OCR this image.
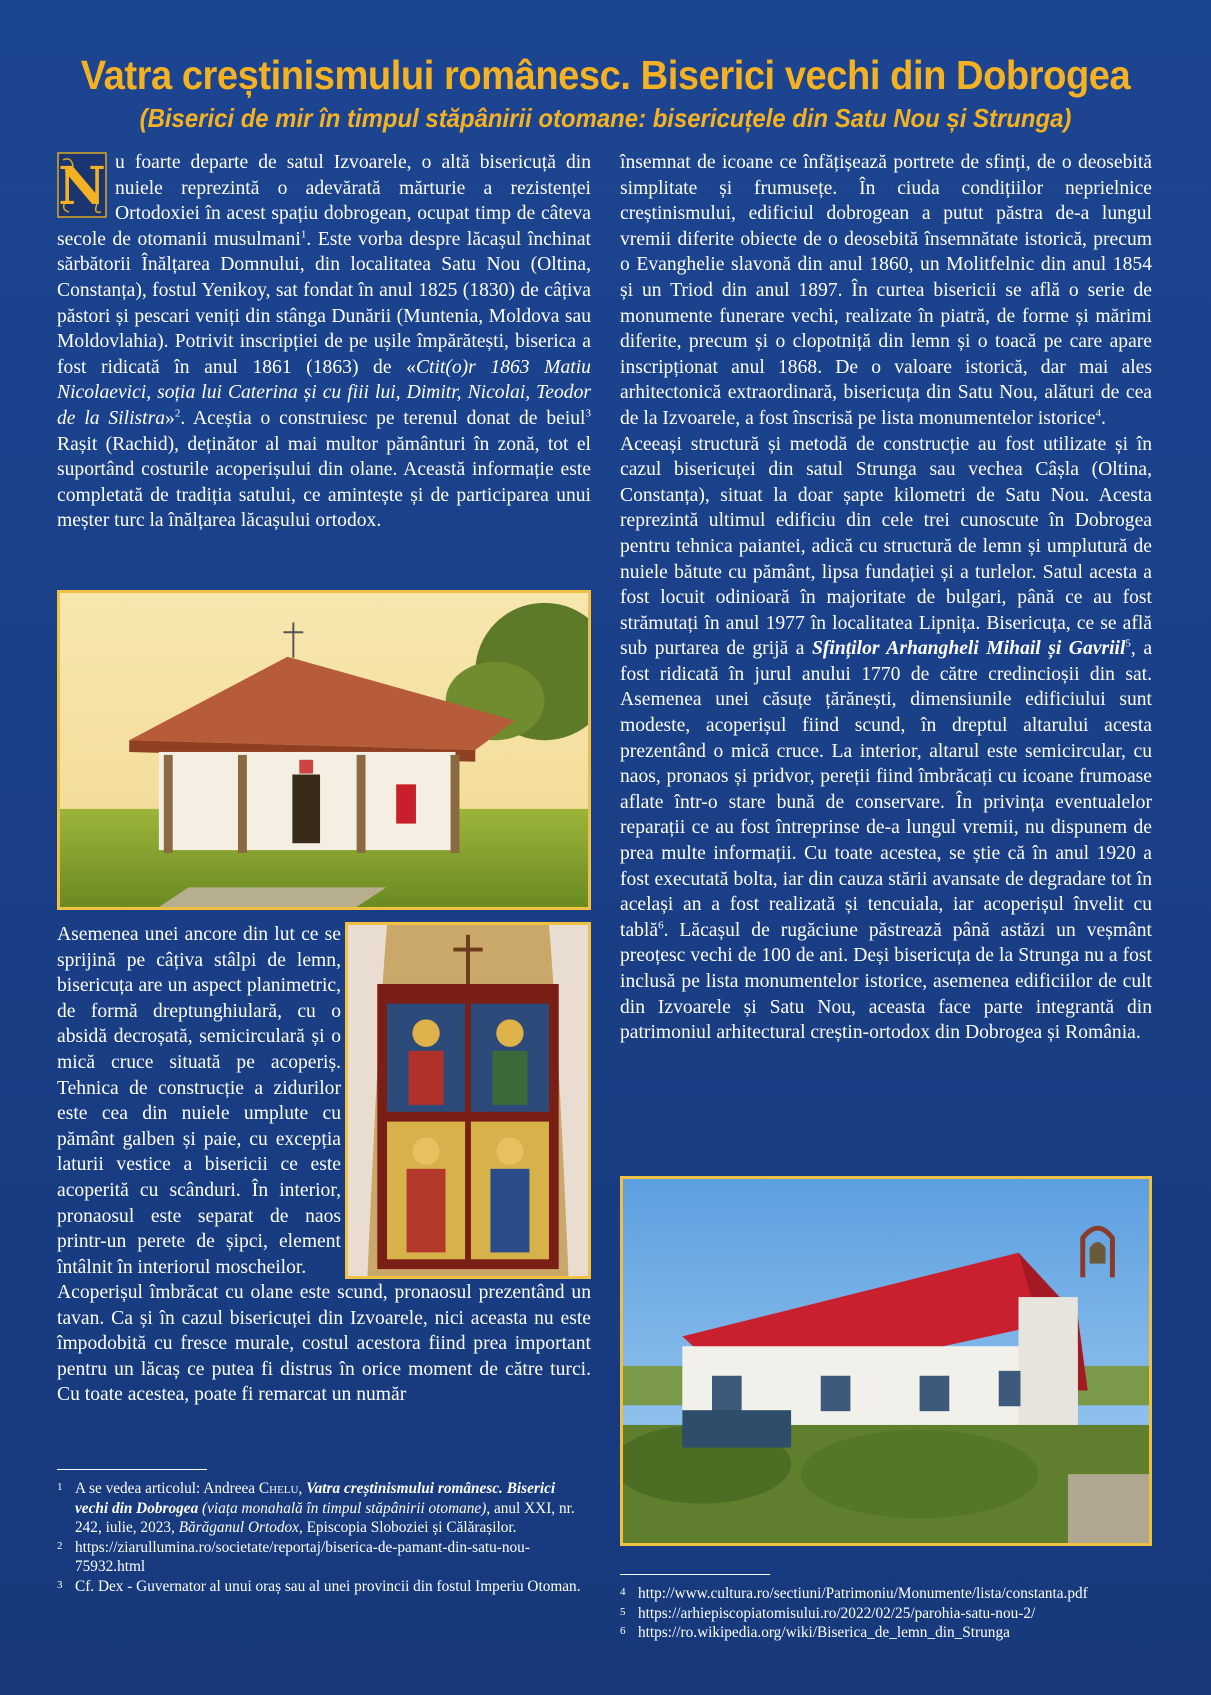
Vatra creștinismului românesc. Biserici vechi din Dobrogea
(Biserici de mir în timpul stăpânirii otomane: bisericuțele din Satu Nou și Strunga)

N u foarte departe de satul Izvoarele, o altă bisericuță din nuiele reprezintă o adevărată mărturie a rezistenței Ortodoxiei în acest spațiu dobrogean, ocupat timp de câteva secole de otomanii musulmani$^1$. Este vorba despre lăcașul închinat sărbătorii Înălțarea Domnului, din localitatea Satu Nou (Oltina, Constanța), fostul Yenikoy, sat fondat în anul 1825 (1830) de câțiva păstori și pescari veniți din stânga Dunării (Muntenia, Moldova sau Moldovlahia). Potrivit inscripției de pe ușile împărătești, biserica a fost ridicată în anul 1861 (1863) de «Ctit(o)r 1863 Matiu Nicolaevici, soția lui Caterina și cu fiii lui, Dimitr, Nicolai, Teodor de la Silistra»$^2$. Aceștia o construiesc pe terenul donat de beiul$^3$ Rașit (Rachid), deținător al mai multor pământuri în zonă, tot el suportând costurile acoperișului din olane. Această informație este completată de tradiția satului, ce amintește și de participarea unui meșter turc la înălțarea lăcașului ortodox.

Asemenea unei ancore din lut ce se sprijină pe câțiva stâlpi de lemn, bisericuța are un aspect planimetric, de formă dreptunghiulară, cu o absidă decroșată, semicirculară și o mică cruce situată pe acoperiș. Tehnica de construcție a zidurilor este cea din nuiele umplute cu pământ galben și paie, cu excepția laturii vestice a bisericii ce este acoperită cu scânduri. În interior, pronaosul este separat de naos printr-un perete de șipci, element întâlnit în interiorul moscheilor.

Acoperișul îmbrăcat cu olane este scund, pronaosul prezentând un tavan. Ca și în cazul bisericuței din Izvoarele, nici aceasta nu este împodobită cu fresce murale, costul acestora fiind prea important pentru un lăcaș ce putea fi distrus în orice moment de către turci. Cu toate acestea, poate fi remarcat un număr

1 A se vedea articolul: Andreea Chelu, Vatra creștinismului românesc. Biserici vechi din Dobrogea (viața monahală în timpul stăpânirii otomane), anul XXI, nr. 242, iulie, 2023, Bărăganul Ortodox, Episcopia Sloboziei și Călărașilor.
2 https://ziarullumina.ro/societate/reportaj/biserica-de-pamant-din-satu-nou-75932.html
3 Cf. Dex - Guvernator al unui oraș sau al unei provincii din fostul Imperiu Otoman.

însemnat de icoane ce înfățișează portrete de sfinți, de o deosebită simplitate și frumusețe. În ciuda condițiilor neprielnice creștinismului, edificiul dobrogean a putut păstra de-a lungul vremii diferite obiecte de o deosebită însemnătate istorică, precum o Evanghelie slavonă din anul 1860, un Molitfelnic din anul 1854 și un Triod din anul 1897. În curtea bisericii se află o serie de monumente funerare vechi, realizate în piatră, de forme și mărimi diferite, precum și o clopotniță din lemn și o toacă pe care apare inscripționat anul 1868. De o valoare istorică, dar mai ales arhitectonică extraordinară, bisericuța din Satu Nou, alături de cea de la Izvoarele, a fost înscrisă pe lista monumentelor istorice$^4$.

Aceeași structură și metodă de construcție au fost utilizate și în cazul bisericuței din satul Strunga sau vechea Câșla (Oltina, Constanța), situat la doar șapte kilometri de Satu Nou. Acesta reprezintă ultimul edificiu din cele trei cunoscute în Dobrogea pentru tehnica paiantei, adică cu structură de lemn și umplutură de nuiele bătute cu pământ, lipsa fundației și a turlelor. Satul acesta a fost locuit odinioară în majoritate de bulgari, până ce au fost strămutați în anul 1977 în localitatea Lipnița. Bisericuța, ce se află sub purtarea de grijă a Sfinților Arhangheli Mihail și Gavriil$^5$, a fost ridicată în jurul anului 1770 de către credincioșii din sat. Asemenea unei căsuțe țărănești, dimensiunile edificiului sunt modeste, acoperișul fiind scund, în dreptul altarului acesta prezentând o mică cruce. La interior, altarul este semicircular, cu naos, pronaos și pridvor, pereții fiind îmbrăcați cu icoane frumoase aflate într-o stare bună de conservare. În privința eventualelor reparații ce au fost întreprinse de-a lungul vremii, nu dispunem de prea multe informații. Cu toate acestea, se știe că în anul 1920 a fost executată bolta, iar din cauza stării avansate de degradare tot în același an a fost realizată și tencuiala, iar acoperișul învelit cu tablă$^6$. Lăcașul de rugăciune păstrează până astăzi un veșmânt preoțesc vechi de 100 de ani. Deși bisericuța de la Strunga nu a fost inclusă pe lista monumentelor istorice, asemenea edificiilor de cult din Izvoarele și Satu Nou, aceasta face parte integrantă din patrimoniul arhitectural creștin-ortodox din Dobrogea și România.

4 http://www.cultura.ro/sectiuni/Patrimoniu/Monumente/lista/constanta.pdf
5 https://arhiepiscopiatomisului.ro/2022/02/25/parohia-satu-nou-2/
6 https://ro.wikipedia.org/wiki/Biserica_de_lemn_din_Strunga
